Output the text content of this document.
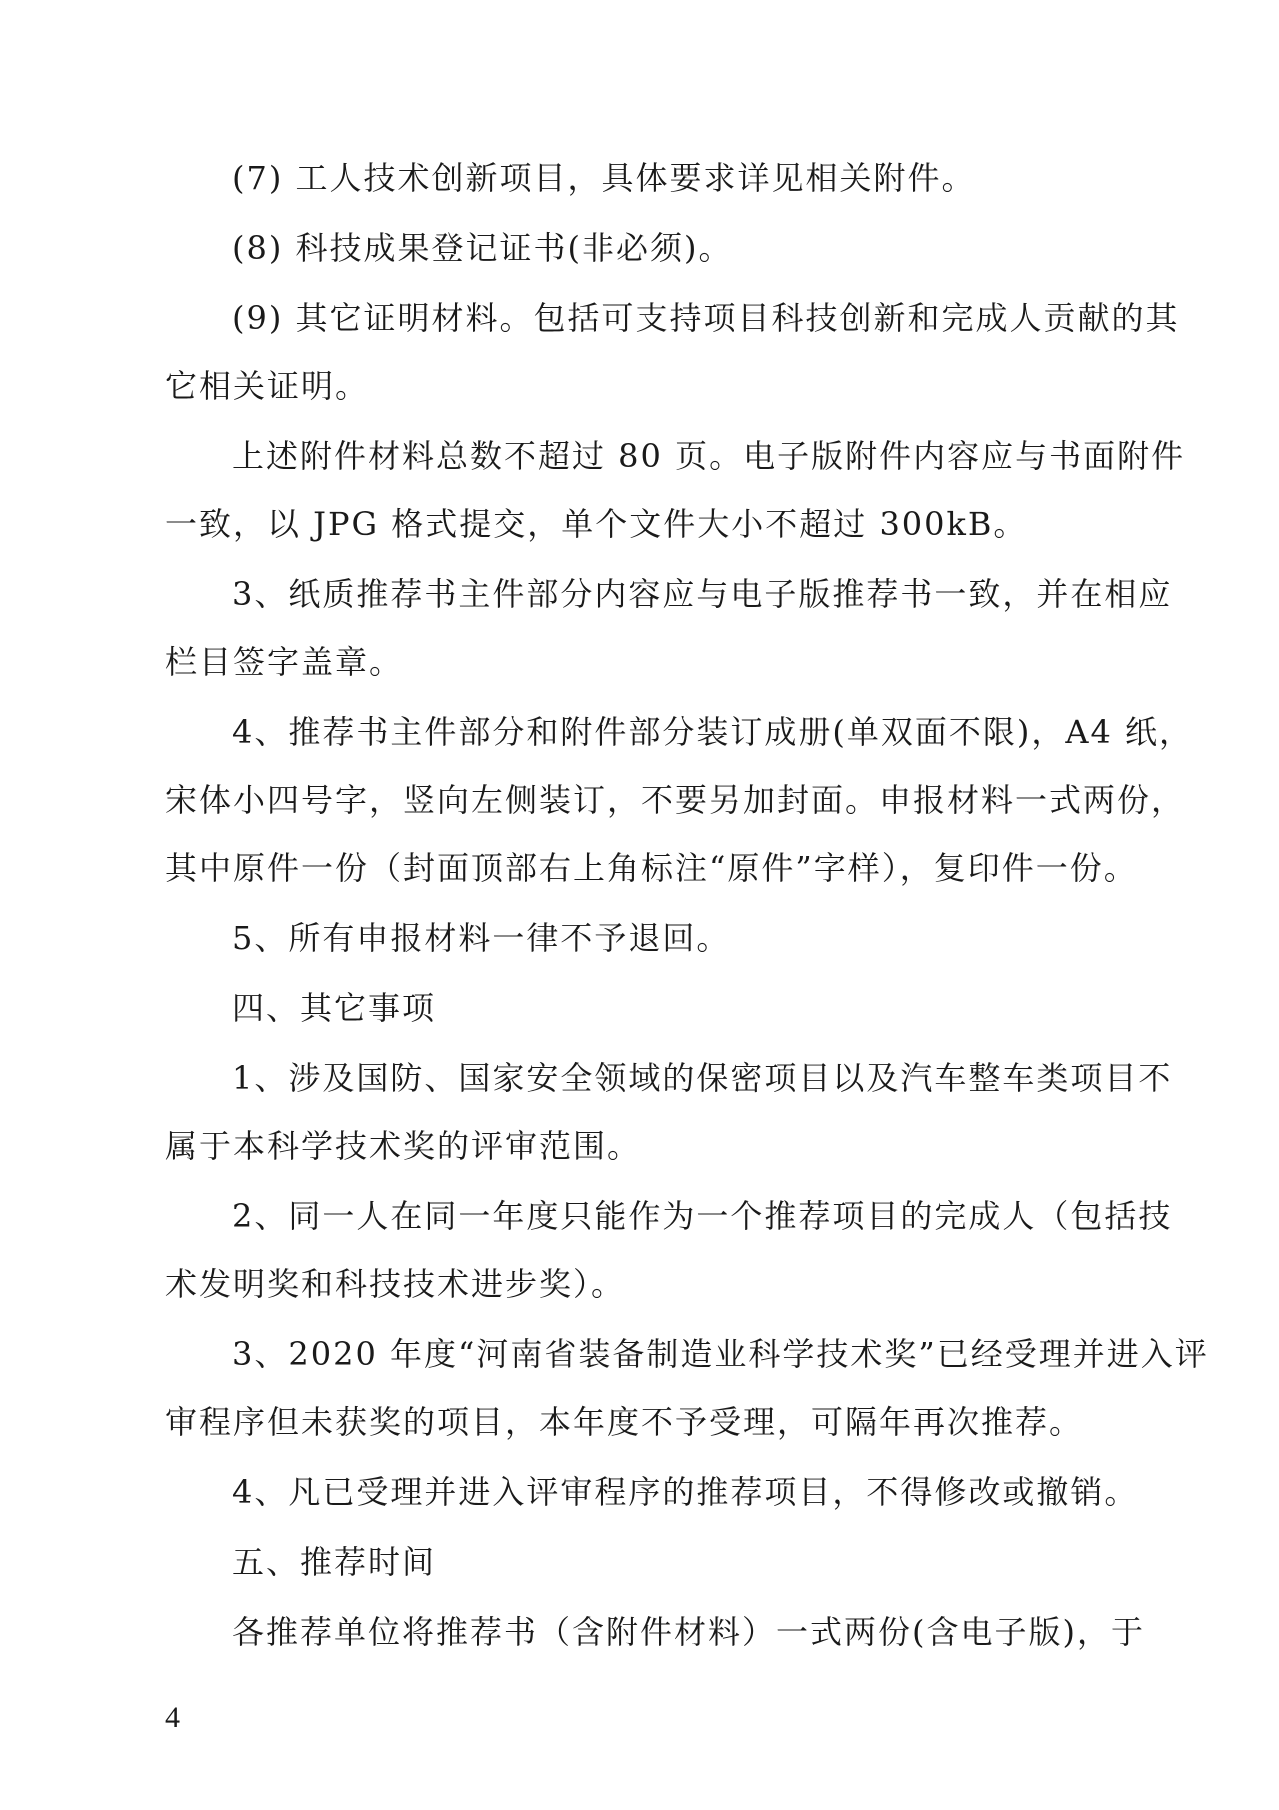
(7) 工人技术创新项目，具体要求详见相关附件。
(8) 科技成果登记证书(非必须)。
(9) 其它证明材料。包括可支持项目科技创新和完成人贡献的其
它相关证明。
上述附件材料总数不超过 80 页。电子版附件内容应与书面附件
一致，以 JPG 格式提交，单个文件大小不超过 300kB。
3、纸质推荐书主件部分内容应与电子版推荐书一致，并在相应
栏目签字盖章。
4、推荐书主件部分和附件部分装订成册(单双面不限)，A4 纸，
宋体小四号字，竖向左侧装订，不要另加封面。申报材料一式两份，
其中原件一份（封面顶部右上角标注“原件”字样），复印件一份。
5、所有申报材料一律不予退回。
四、其它事项
1、涉及国防、国家安全领域的保密项目以及汽车整车类项目不
属于本科学技术奖的评审范围。
2、同一人在同一年度只能作为一个推荐项目的完成人（包括技
术发明奖和科技技术进步奖）。
3、2020 年度“河南省装备制造业科学技术奖”已经受理并进入评
审程序但未获奖的项目，本年度不予受理，可隔年再次推荐。
4、凡已受理并进入评审程序的推荐项目，不得修改或撤销。
五、推荐时间
各推荐单位将推荐书（含附件材料）一式两份(含电子版)，于
4
